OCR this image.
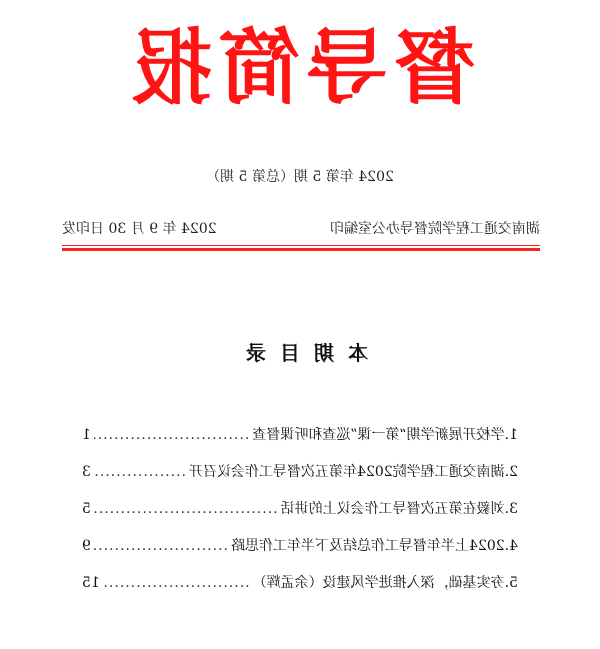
督导简报
2024 年第 5 期（总第 5 期）
湖南交通工程学院督导办公室编印
2024 年 9 月 30 日印发
本期目录
1.学校开展新学期“第一课”巡查和听课督查
.....
1
2.湖南交通工程学院2024年第五次督导工作会议召开
.....
3
3.刘毅在第五次督导工作会议上的讲话
.....
5
4.2024上半年督导工作总结及下半年工作思路
.....
9
5.夯实基础，深入推进学风建设（余孟辉）
.....
15
